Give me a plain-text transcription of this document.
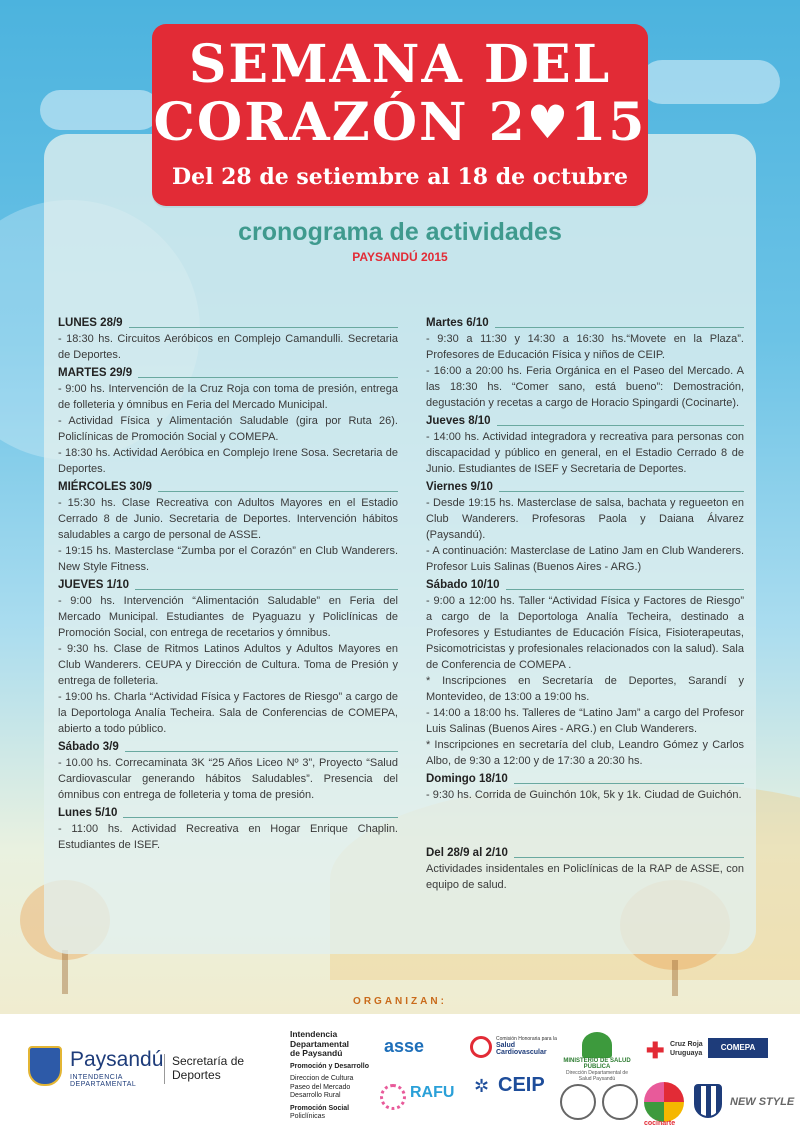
SEMANA DEL
CORAZÓN 2♥15
Del 28 de setiembre al 18 de octubre
cronograma de actividades
PAYSANDÚ 2015
LUNES 28/9
- 18:30 hs. Circuitos Aeróbicos en Complejo Camandulli. Secretaria de Deportes.
MARTES 29/9
- 9:00 hs. Intervención de la Cruz Roja con toma de presión, entrega de folleteria y ómnibus en Feria del Mercado Municipal.
- Actividad Física y Alimentación Saludable (gira por Ruta 26). Policlínicas de Promoción Social y COMEPA.
- 18:30 hs. Actividad Aeróbica en Complejo Irene Sosa. Secretaria de Deportes.
MIÉRCOLES 30/9
- 15:30 hs. Clase Recreativa con Adultos Mayores en el Estadio Cerrado 8 de Junio. Secretaria de Deportes. Intervención hábitos saludables a cargo de personal de ASSE.
- 19:15 hs. Masterclase “Zumba por el Corazón” en Club Wanderers. New Style Fitness.
JUEVES 1/10
- 9:00 hs. Intervención “Alimentación Saludable” en Feria del Mercado Municipal. Estudiantes de Pyaguazu y Policlínicas de Promoción Social, con entrega de recetarios y ómnibus.
- 9:30 hs. Clase de Ritmos Latinos Adultos y Adultos Mayores en Club Wanderers. CEUPA y Dirección de Cultura. Toma de Presión y entrega de folleteria.
- 19:00 hs. Charla “Actividad Física y Factores de Riesgo” a cargo de la Deportologa Analía Techeira. Sala de Conferencias de COMEPA, abierto a todo público.
Sábado 3/9
- 10.00 hs. Correcaminata 3K “25 Años Liceo Nº 3”, Proyecto “Salud Cardiovascular generando hábitos Saludables”. Presencia del ómnibus con entrega de folleteria y toma de presión.
Lunes 5/10
- 11:00 hs. Actividad Recreativa en Hogar Enrique Chaplin. Estudiantes de ISEF.
Martes 6/10
- 9:30 a 11:30 y 14:30 a 16:30 hs.“Movete en la Plaza”. Profesores de Educación Física y niños de CEIP.
- 16:00 a 20:00 hs. Feria Orgánica en el Paseo del Mercado. A las 18:30 hs. “Comer sano, está bueno”: Demostración, degustación y recetas a cargo de Horacio Spingardi (Cocinarte).
Jueves 8/10
- 14:00 hs. Actividad integradora y recreativa para personas con discapacidad y público en general, en el Estadio Cerrado 8 de Junio. Estudiantes de ISEF y Secretaria de Deportes.
Viernes 9/10
- Desde 19:15 hs. Masterclase de salsa, bachata y regueeton en Club Wanderers. Profesoras Paola y Daiana Álvarez (Paysandú).
- A continuación: Masterclase de Latino Jam en Club Wanderers. Profesor Luis Salinas (Buenos Aires - ARG.)
Sábado 10/10
- 9:00 a 12:00 hs. Taller “Actividad Física y Factores de Riesgo” a cargo de la Deportologa Analía Techeira, destinado a Profesores y Estudiantes de Educación Física, Fisioterapeutas, Psicomotricistas y profesionales relacionados con la salud). Sala de Conferencia de COMEPA .
* Inscripciones en Secretaría de Deportes, Sarandí y Montevideo, de 13:00 a 19:00 hs.
- 14:00 a 18:00 hs. Talleres de “Latino Jam” a cargo del Profesor Luis Salinas (Buenos Aires - ARG.) en Club Wanderers.
* Inscripciones en secretaría del club, Leandro Gómez y Carlos Albo, de 9:30 a 12:00 y de 17:30 a 20:30 hs.
Domingo 18/10
- 9:30 hs. Corrida de Guinchón 10k, 5k y 1k. Ciudad de Guichón.
Del 28/9 al 2/10
Actividades insidentales en Policlínicas de la RAP de ASSE, con equipo de salud.
ORGANIZAN:
Paysandú
INTENDENCIA DEPARTAMENTAL
Secretaría de
Deportes
Intendencia
Departamental
de Paysandú
Promoción y Desarrollo
Direccion de Cultura
Paseo del Mercado
Desarrollo Rural
Promoción Social
Policlínicas
asse
RAFU
Comisión Honoraria para la
Salud Cardiovascular
✲ CEIP
MINISTERIO DE SALUD PÚBLICA
Dirección Departamental de Salud Paysandú
✚ Cruz Roja
Uruguaya
COMEPA
cocinarte
NEW STYLE
